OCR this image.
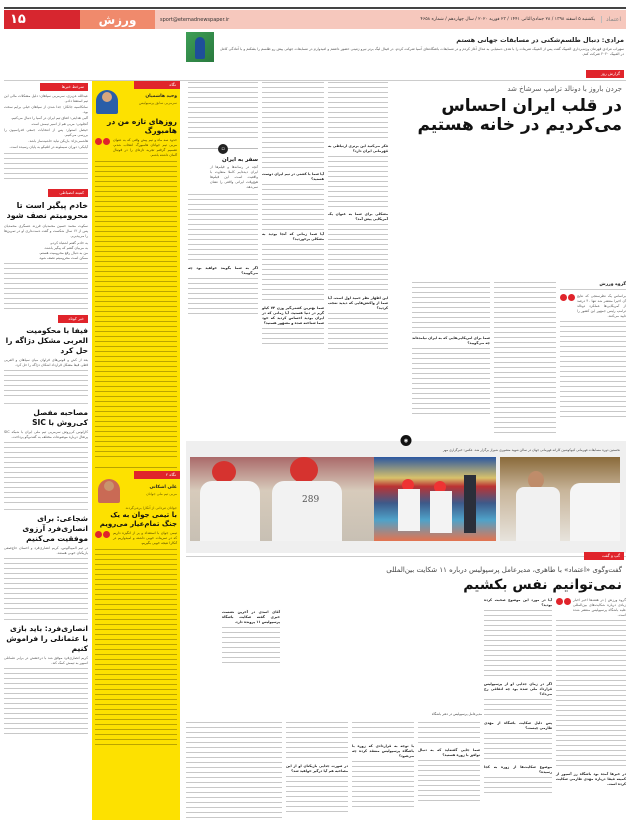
۱۵	ورزش	sport@etemadnewspaper.ir	اعتماد
یکشنبه ۵ اسفند ۱۳۹۸ / ۲۸ جمادی‌الثانی ۱۴۴۱ / ۲۳ فوریه ۲۰۲۰ / سال چهاردهم / شماره ۴۶۵۸
مرادی: دنبال طلسم‌شکنی در مسابقات جهانی هستم
سهراب مرادی قهرمان وزنه‌برداری المپیک گفت پس از المپیک تمرینات را با هدف دستیابی به مدال آغاز کردم و در مسابقات باشگاه‌های آسیا شرکت کردم. در فینال لیگ برتر نیرو زمینی حضور داشتم و امیدوارم در مسابقات جهانی پیش رو طلسم را بشکنم و با آمادگی کامل در المپیک ۲۰۲۰ شرکت کنم.
سرخط خبرها
عبدالله عزیزی، سرمربی سپاهان: دلیل مشکلات مالی این تیم استعفا دادم.
سانکاسیه جانکار: جدا شدن از سپاهان خیلی برایم سخت بود.
آلبی هدایتی: اتفاق تیم ایران در آسیا را دنبال می‌کنیم.
آنجلوتی: مربی هم از اسیر تیمش است.
حیصل استوار: پس از انتخابات جمعی فدراسیون را بررسی می‌کنیم.
هاشمی‌نژاد: بازیکن نباید حاشیه‌ساز باشد.
آیابکی: دوران سیمئونه در اتلتیکو به پایان رسیده است.
کمیته انضباطی
خادم پیگیر است تا محرومیتم نصف شود
سکوت محمد حسین محمدیان فرزند عسگری محمدیان پس از ۱۲ سال شکست و گفت دست‌داری او در تمرین‌ها را می‌پذیرم.
به خادم گفتم اشتباه کردم.
به مربیان گفتم که پیگیر باشند.
من به دنبال رفع محرومیت هستم.
ممکن است محرومیتم نصف شود.
خبر کوتاه
فیفا با محکومیت العربی مشکل دژاگه را حل کرد
بعد از کش و قوس‌های فراوان میان سپاهان و العربی قطر، فیفا مشکل قرارداد اشکان دژاگه را حل کرد.
مصاحبه مفصل کی‌روش با SIC
کارلوس کی‌روش سرمربی تیم ملی ایران با شبکه SIC پرتغال درباره موضوعات مختلف به گفت‌وگو پرداخت.
شجاعی: برای انصاری‌فرد آرزوی موفقیت می‌کنیم
در تیم المپیاکوس، کریم انصاری‌فرد و احسان حاج‌صفی بازیکنان خوبی هستند.
انصاری‌فرد: باید بازی با عثمانلی را فراموش کنیم
کریم انصاری‌فرد موفق شد با درخشش در برابر عثمانلی اسپور به تیمش کمک کند.
نگاه
وحید هاشمیان
سرمربی سابق پرسپولیس
روزهای تازه من در هامبورگ
حدود سه ماه و نیم پیش وقتی که به عنوان مربی تیم جوانان هامبورگ انتخاب شدم، تصمیم گرفتم تجربه تازه‌ای را در فوتبال آلمان داشته باشم.
نگاه ۲
علی اشکانی
مربی تیم ملی جوانان
جوانان مردانی از آنکارا برمی‌گردند
با تیمی جوان به یک جنگ تمام‌عیار می‌رویم
تیمی جوان با استعداد و پر از انگیزه داریم که در تمرینات خوبی داشته و امیدواریم در آنکارا نتیجه خوبی بگیریم.
گزارش روز
جردن باروز با دونالد ترامپ سرشاخ شد
در قلب ایران احساس
می‌کردیم در خانه هستیم
گروه ورزش
براساس یک نظرسنجی که نتایج آن اخیرا منتشر شد تنها ۴۰ درصد از آمریکایی‌ها عملکرد دونالد ترامپ رئیس جمهور این کشور را تایید می‌کنند.
شما برای امریکایی‌هایی که به ایران نیامده‌اند چه می‌گویید؟
فکر می‌کنید این برتری ارتباطی به قهرمانی ایران دارد؟
مشکلی برای شما به عنوان یک آمریکایی پیش آمد؟
این اظهار نظر حمید اول است، آیا شما از واکنش‌هایی که دیدید تعجب کردید؟
آیا شما با کشتی در تیم ایران دوست هستید؟
آیا شما زمانی که آنجا بودید به مشکلی برخوردید؟
شما بهترین کشتی‌گیر وزن ۷۴ کیلو گرم در دنیا هستید، آیا زمانی که در ایران بودید احساس کردید که خود شما شناخته شده و مشهور هستید؟
▫
سفر به ایران
آنچه در رسانه‌ها و فیلم‌ها از ایران دیده‌ایم کاملا متفاوت با واقعیت است. این فیلم‌ها هیچ‌وقت ایرانی واقعی را نشان نمی‌دهد.
اگر به شما بگویند خواهید بود چه می‌گویید؟
◉
نخستین دوره مسابقات قهرمانی کیوکوشین کاراته قهرمانی جهان در سالن شهید منصوری شیراز برگزار شد. عکس: خبرگزاری مهر
289
گپ و گفت
گفت‌وگوی «اعتماد» با طاهری، مدیرعامل پرسپولیس درباره ۱۱ شکایت بین‌المللی
نمی‌توانیم نفس بکشیم
گروه ورزش | در هفته‌ها اخیر اخبار زیادی درباره شکایت‌های بین‌المللی علیه باشگاه پرسپولیس منتشر شده است.
در خبرها آمده بود باشگاه رز آسیور از کمیته فیفا درباره مهدی طارمی شکایت کرده است.
آیا در مورد این موضوع صحبت کرده بودید؟
اگر در زمان جدایی او از پرسپولیس قرارداد ملی شده بود چه اتفاقی رخ می‌داد؟
پس دلیل شکایت باشگاه از مهدی طارمی چیست؟
موضوع شکایت‌ها از زوره به کجا رسیده؟
مدیرعامل پرسپولیس در دفتر باشگاه
آقای اسدی در آخرین نشست خبری گفته شکایت باشگاه پرسپولیس ۱۱ پرونده دارد.
شما جایی گفته‌اید که به دنبال توافق با زوره هستید؟
با توجه به قراردادی که زوره با باشگاه پرسپولیس منعقد کرده چه می‌شود؟
در صورت جدایی بازیکنان او از این مصاحبه هم آیا درگیر خواهید شد؟
